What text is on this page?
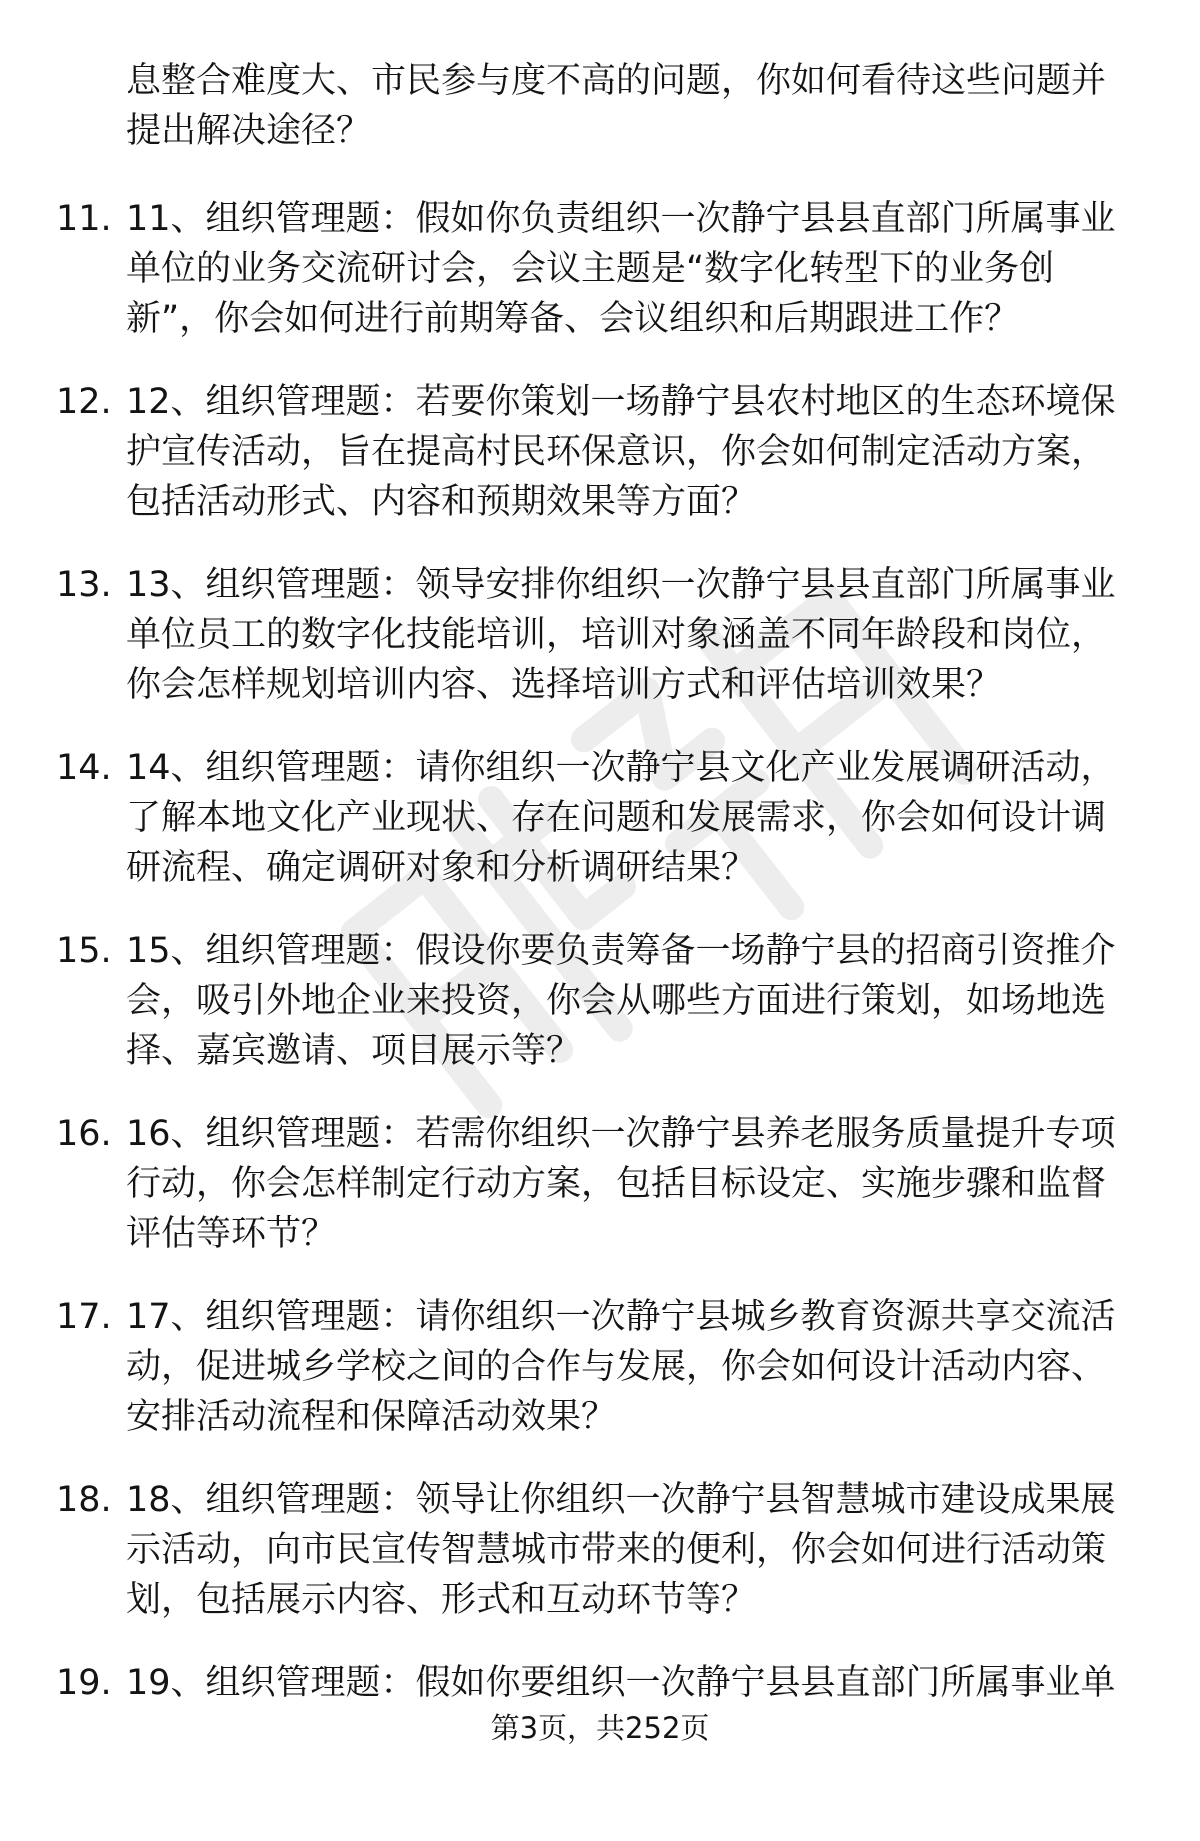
息整合难度大、市民参与度不高的问题，你如何看待这些问题并提出解决途径？

11. 11、组织管理题：假如你负责组织一次静宁县县直部门所属事业单位的业务交流研讨会，会议主题是“数字化转型下的业务创新”，你会如何进行前期筹备、会议组织和后期跟进工作？

12. 12、组织管理题：若要你策划一场静宁县农村地区的生态环境保护宣传活动，旨在提高村民环保意识，你会如何制定活动方案，包括活动形式、内容和预期效果等方面？

13. 13、组织管理题：领导安排你组织一次静宁县县直部门所属事业单位员工的数字化技能培训，培训对象涵盖不同年龄段和岗位，你会怎样规划培训内容、选择培训方式和评估培训效果？

14. 14、组织管理题：请你组织一次静宁县文化产业发展调研活动，了解本地文化产业现状、存在问题和发展需求，你会如何设计调研流程、确定调研对象和分析调研结果？

15. 15、组织管理题：假设你要负责筹备一场静宁县的招商引资推介会，吸引外地企业来投资，你会从哪些方面进行策划，如场地选择、嘉宾邀请、项目展示等？

16. 16、组织管理题：若需你组织一次静宁县养老服务质量提升专项行动，你会怎样制定行动方案，包括目标设定、实施步骤和监督评估等环节？

17. 17、组织管理题：请你组织一次静宁县城乡教育资源共享交流活动，促进城乡学校之间的合作与发展，你会如何设计活动内容、安排活动流程和保障活动效果？

18. 18、组织管理题：领导让你组织一次静宁县智慧城市建设成果展示活动，向市民宣传智慧城市带来的便利，你会如何进行活动策划，包括展示内容、形式和互动环节等？

19. 19、组织管理题：假如你要组织一次静宁县县直部门所属事业单

第3页，共252页
